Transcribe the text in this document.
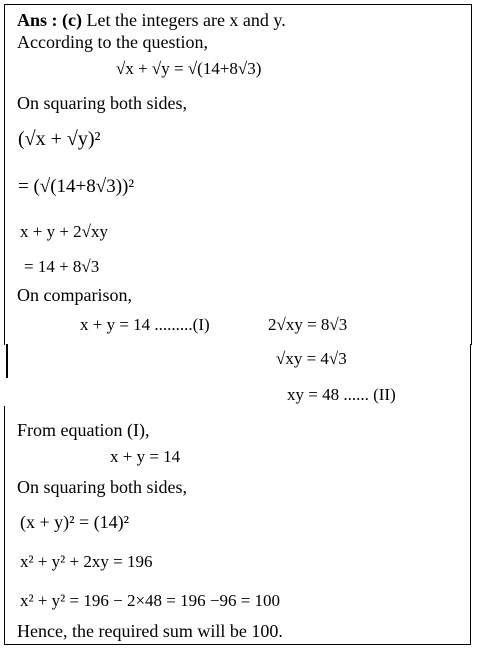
Ans : (c) Let the integers are x and y.
According to the question,
√x + √y = √(14+8√3)
On squaring both sides,
(√x + √y)²
= (√(14+8√3))²
x + y + 2√xy
= 14 + 8√3
On comparison,
x + y = 14 .........(I)	2√xy = 8√3
√xy = 4√3
xy = 48 ...... (II)
From equation (I),
x + y = 14
On squaring both sides,
(x + y)² = (14)²
x² + y² + 2xy = 196
x² + y² = 196 − 2×48 = 196 −96 = 100
Hence, the required sum will be 100.
